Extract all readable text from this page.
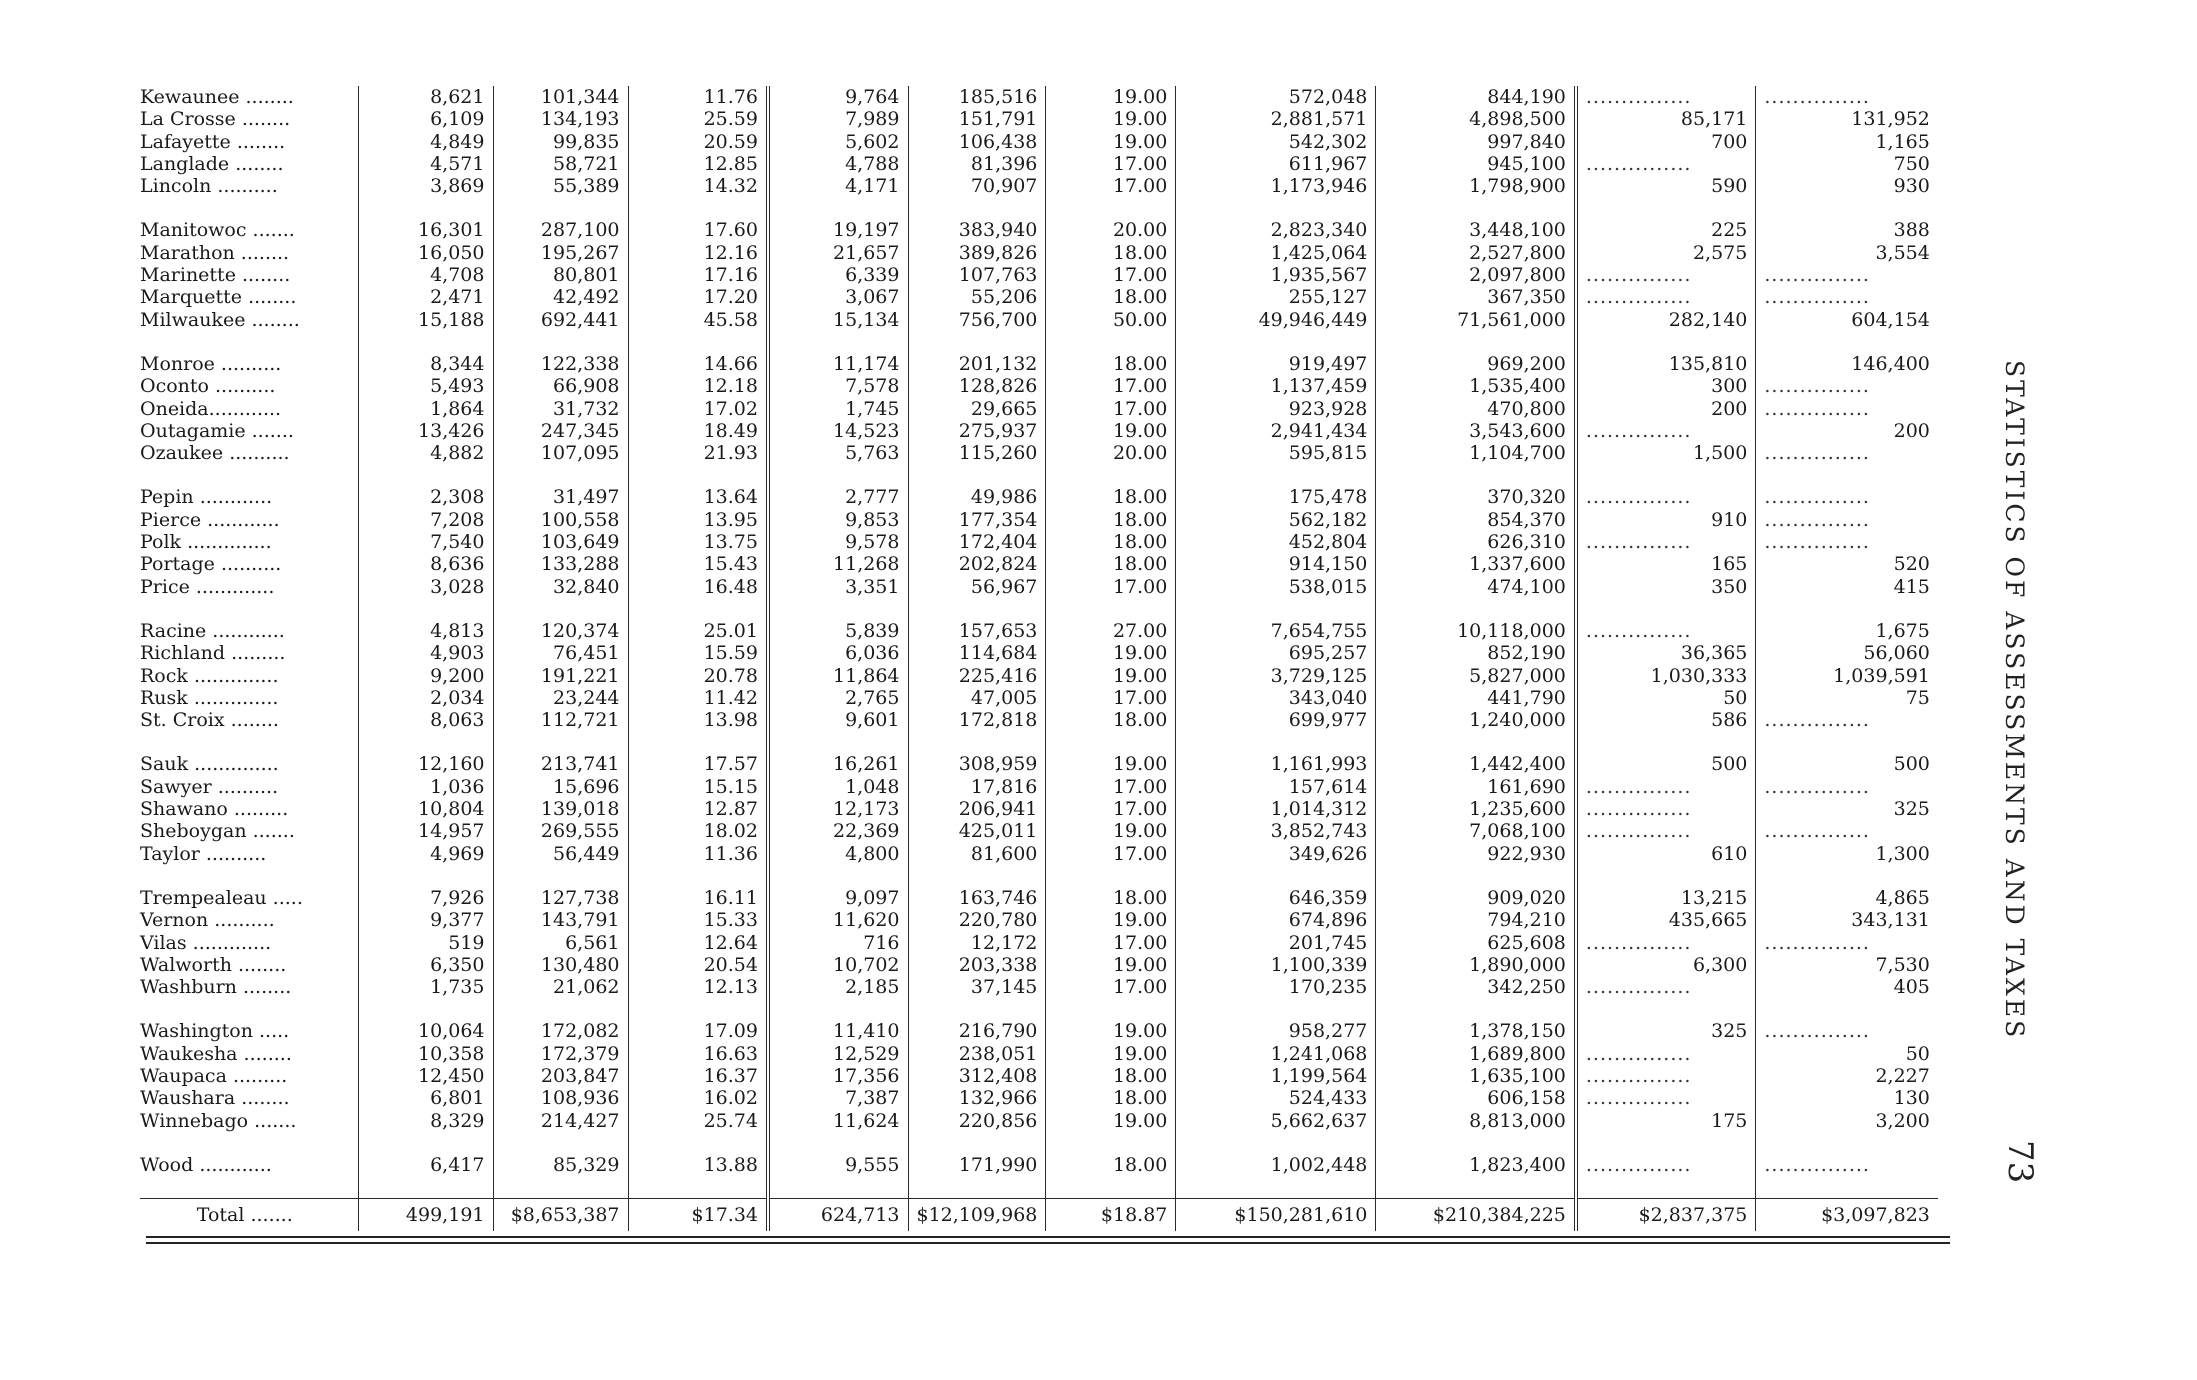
Kewaunee ........	8,621	101,344	11.76	9,764	185,516	19.00	572,048	844,190	...............	...............
La Crosse ........	6,109	134,193	25.59	7,989	151,791	19.00	2,881,571	4,898,500	85,171	131,952
Lafayette ........	4,849	99,835	20.59	5,602	106,438	19.00	542,302	997,840	700	1,165
Langlade ........	4,571	58,721	12.85	4,788	81,396	17.00	611,967	945,100	...............	750
Lincoln ..........	3,869	55,389	14.32	4,171	70,907	17.00	1,173,946	1,798,900	590	930

Manitowoc .......	16,301	287,100	17.60	19,197	383,940	20.00	2,823,340	3,448,100	225	388
Marathon ........	16,050	195,267	12.16	21,657	389,826	18.00	1,425,064	2,527,800	2,575	3,554
Marinette ........	4,708	80,801	17.16	6,339	107,763	17.00	1,935,567	2,097,800	...............	...............
Marquette ........	2,471	42,492	17.20	3,067	55,206	18.00	255,127	367,350	...............	...............
Milwaukee ........	15,188	692,441	45.58	15,134	756,700	50.00	49,946,449	71,561,000	282,140	604,154

Monroe ..........	8,344	122,338	14.66	11,174	201,132	18.00	919,497	969,200	135,810	146,400
Oconto ..........	5,493	66,908	12.18	7,578	128,826	17.00	1,137,459	1,535,400	300	...............
Oneida............	1,864	31,732	17.02	1,745	29,665	17.00	923,928	470,800	200	...............
Outagamie .......	13,426	247,345	18.49	14,523	275,937	19.00	2,941,434	3,543,600	...............	200
Ozaukee ..........	4,882	107,095	21.93	5,763	115,260	20.00	595,815	1,104,700	1,500	...............

Pepin ............	2,308	31,497	13.64	2,777	49,986	18.00	175,478	370,320	...............	...............
Pierce ............	7,208	100,558	13.95	9,853	177,354	18.00	562,182	854,370	910	...............
Polk ..............	7,540	103,649	13.75	9,578	172,404	18.00	452,804	626,310	...............	...............
Portage ..........	8,636	133,288	15.43	11,268	202,824	18.00	914,150	1,337,600	165	520
Price .............	3,028	32,840	16.48	3,351	56,967	17.00	538,015	474,100	350	415

Racine ............	4,813	120,374	25.01	5,839	157,653	27.00	7,654,755	10,118,000	...............	1,675
Richland .........	4,903	76,451	15.59	6,036	114,684	19.00	695,257	852,190	36,365	56,060
Rock ..............	9,200	191,221	20.78	11,864	225,416	19.00	3,729,125	5,827,000	1,030,333	1,039,591
Rusk ..............	2,034	23,244	11.42	2,765	47,005	17.00	343,040	441,790	50	75
St. Croix ........	8,063	112,721	13.98	9,601	172,818	18.00	699,977	1,240,000	586	...............

Sauk ..............	12,160	213,741	17.57	16,261	308,959	19.00	1,161,993	1,442,400	500	500
Sawyer ..........	1,036	15,696	15.15	1,048	17,816	17.00	157,614	161,690	...............	...............
Shawano .........	10,804	139,018	12.87	12,173	206,941	17.00	1,014,312	1,235,600	...............	325
Sheboygan .......	14,957	269,555	18.02	22,369	425,011	19.00	3,852,743	7,068,100	...............	...............
Taylor ..........	4,969	56,449	11.36	4,800	81,600	17.00	349,626	922,930	610	1,300

Trempealeau .....	7,926	127,738	16.11	9,097	163,746	18.00	646,359	909,020	13,215	4,865
Vernon ..........	9,377	143,791	15.33	11,620	220,780	19.00	674,896	794,210	435,665	343,131
Vilas .............	519	6,561	12.64	716	12,172	17.00	201,745	625,608	...............	...............
Walworth ........	6,350	130,480	20.54	10,702	203,338	19.00	1,100,339	1,890,000	6,300	7,530
Washburn ........	1,735	21,062	12.13	2,185	37,145	17.00	170,235	342,250	...............	405

Washington .....	10,064	172,082	17.09	11,410	216,790	19.00	958,277	1,378,150	325	...............
Waukesha ........	10,358	172,379	16.63	12,529	238,051	19.00	1,241,068	1,689,800	...............	50
Waupaca .........	12,450	203,847	16.37	17,356	312,408	18.00	1,199,564	1,635,100	...............	2,227
Waushara ........	6,801	108,936	16.02	7,387	132,966	18.00	524,433	606,158	...............	130
Winnebago .......	8,329	214,427	25.74	11,624	220,856	19.00	5,662,637	8,813,000	175	3,200

Wood ............	6,417	85,329	13.88	9,555	171,990	18.00	1,002,448	1,823,400	...............	...............

Total .......	499,191	$8,653,387	$17.34	624,713	$12,109,968	$18.87	$150,281,610	$210,384,225	$2,837,375	$3,097,823
STATISTICS OF ASSESSMENTS AND TAXES
73
